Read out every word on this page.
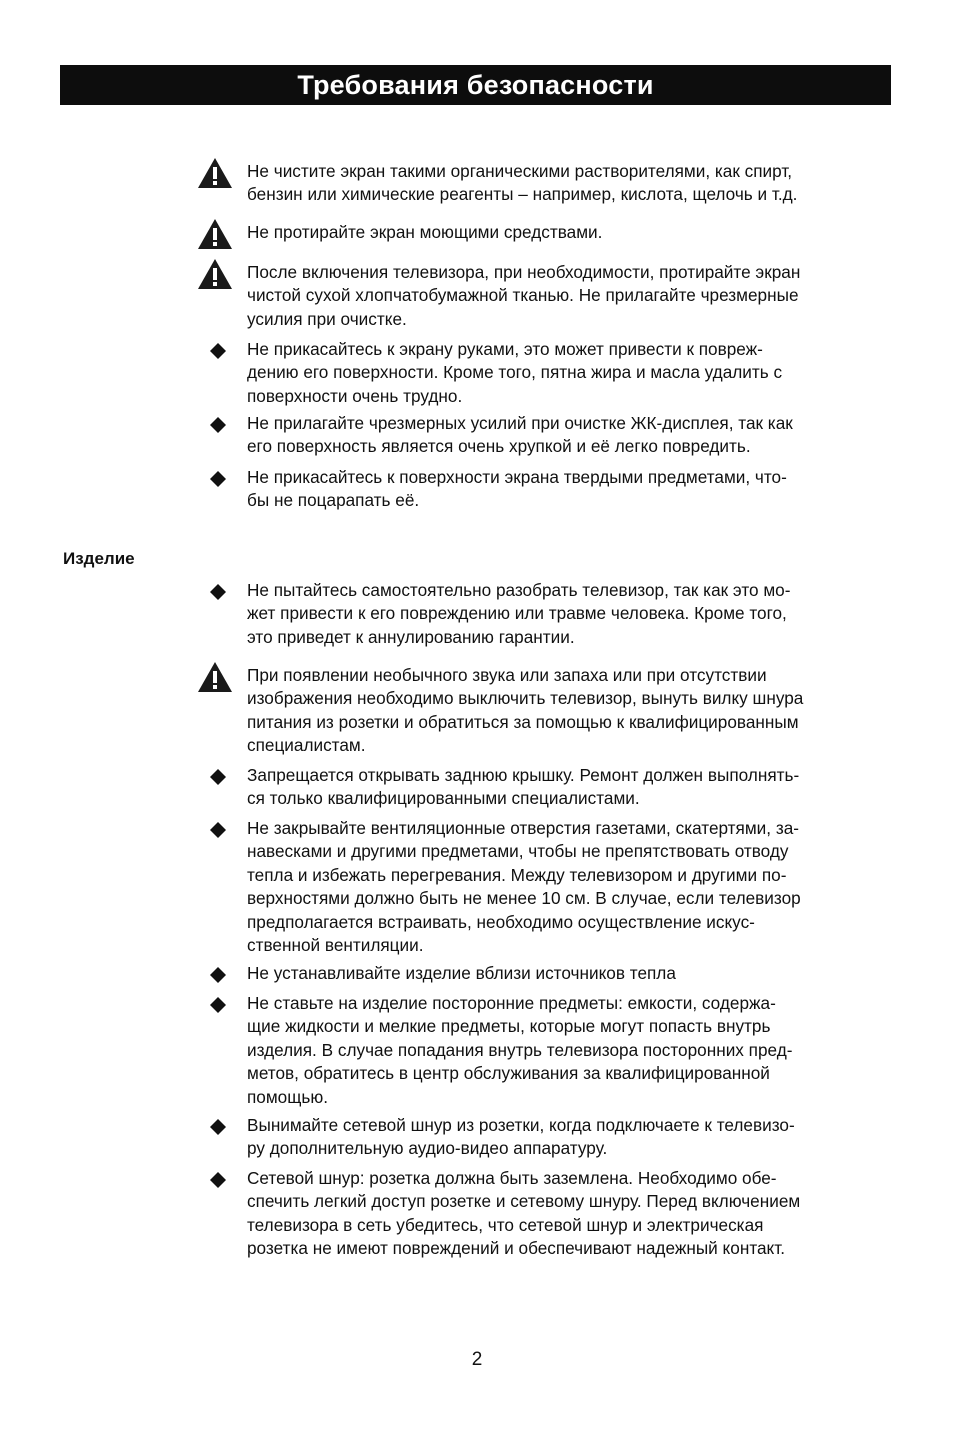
Требования безопасности
Изделие
Не чистите экран такими органическими растворителями, как спирт,
бензин или химические реагенты – например, кислота, щелочь и т.д.
Не протирайте экран моющими средствами.
После включения телевизора, при необходимости, протирайте экран
чистой сухой хлопчатобумажной тканью. Не прилагайте чрезмерные
усилия при очистке.
Не прикасайтесь к экрану руками, это может привести к повреж-
дению его поверхности. Кроме того, пятна жира и масла удалить с
поверхности очень трудно.
Не прилагайте чрезмерных усилий при очистке ЖК-дисплея, так как
его поверхность является очень хрупкой и её легко повредить.
Не прикасайтесь к поверхности экрана твердыми предметами, что-
бы не поцарапать её.
Не пытайтесь самостоятельно разобрать телевизор, так как это мо-
жет привести к его повреждению или травме человека. Кроме того,
это приведет к аннулированию гарантии.
При появлении необычного звука или запаха или при отсутствии
изображения необходимо выключить телевизор, вынуть вилку шнура
питания из розетки и обратиться за помощью к квалифицированным
специалистам.
Запрещается открывать заднюю крышку. Ремонт должен выполнять-
ся только квалифицированными специалистами.
Не закрывайте вентиляционные отверстия газетами, скатертями, за-
навесками и другими предметами, чтобы не препятствовать отводу
тепла и избежать перегревания. Между телевизором и другими по-
верхностями должно быть не менее 10 см. В случае, если телевизор
предполагается встраивать, необходимо осуществление искус-
ственной вентиляции.
Не устанавливайте изделие вблизи источников тепла
Не ставьте на изделие посторонние предметы: емкости, содержа-
щие жидкости и мелкие предметы, которые могут попасть внутрь
изделия. В случае попадания внутрь телевизора посторонних пред-
метов, обратитесь в центр обслуживания за квалифицированной
помощью.
Вынимайте сетевой шнур из розетки, когда подключаете к телевизо-
ру дополнительную аудио-видео аппаратуру.
Сетевой шнур: розетка должна быть заземлена. Необходимо обе-
спечить легкий доступ розетке и сетевому шнуру. Перед включением
телевизора в сеть убедитесь, что сетевой шнур и электрическая
розетка не имеют повреждений и обеспечивают надежный контакт.
2
